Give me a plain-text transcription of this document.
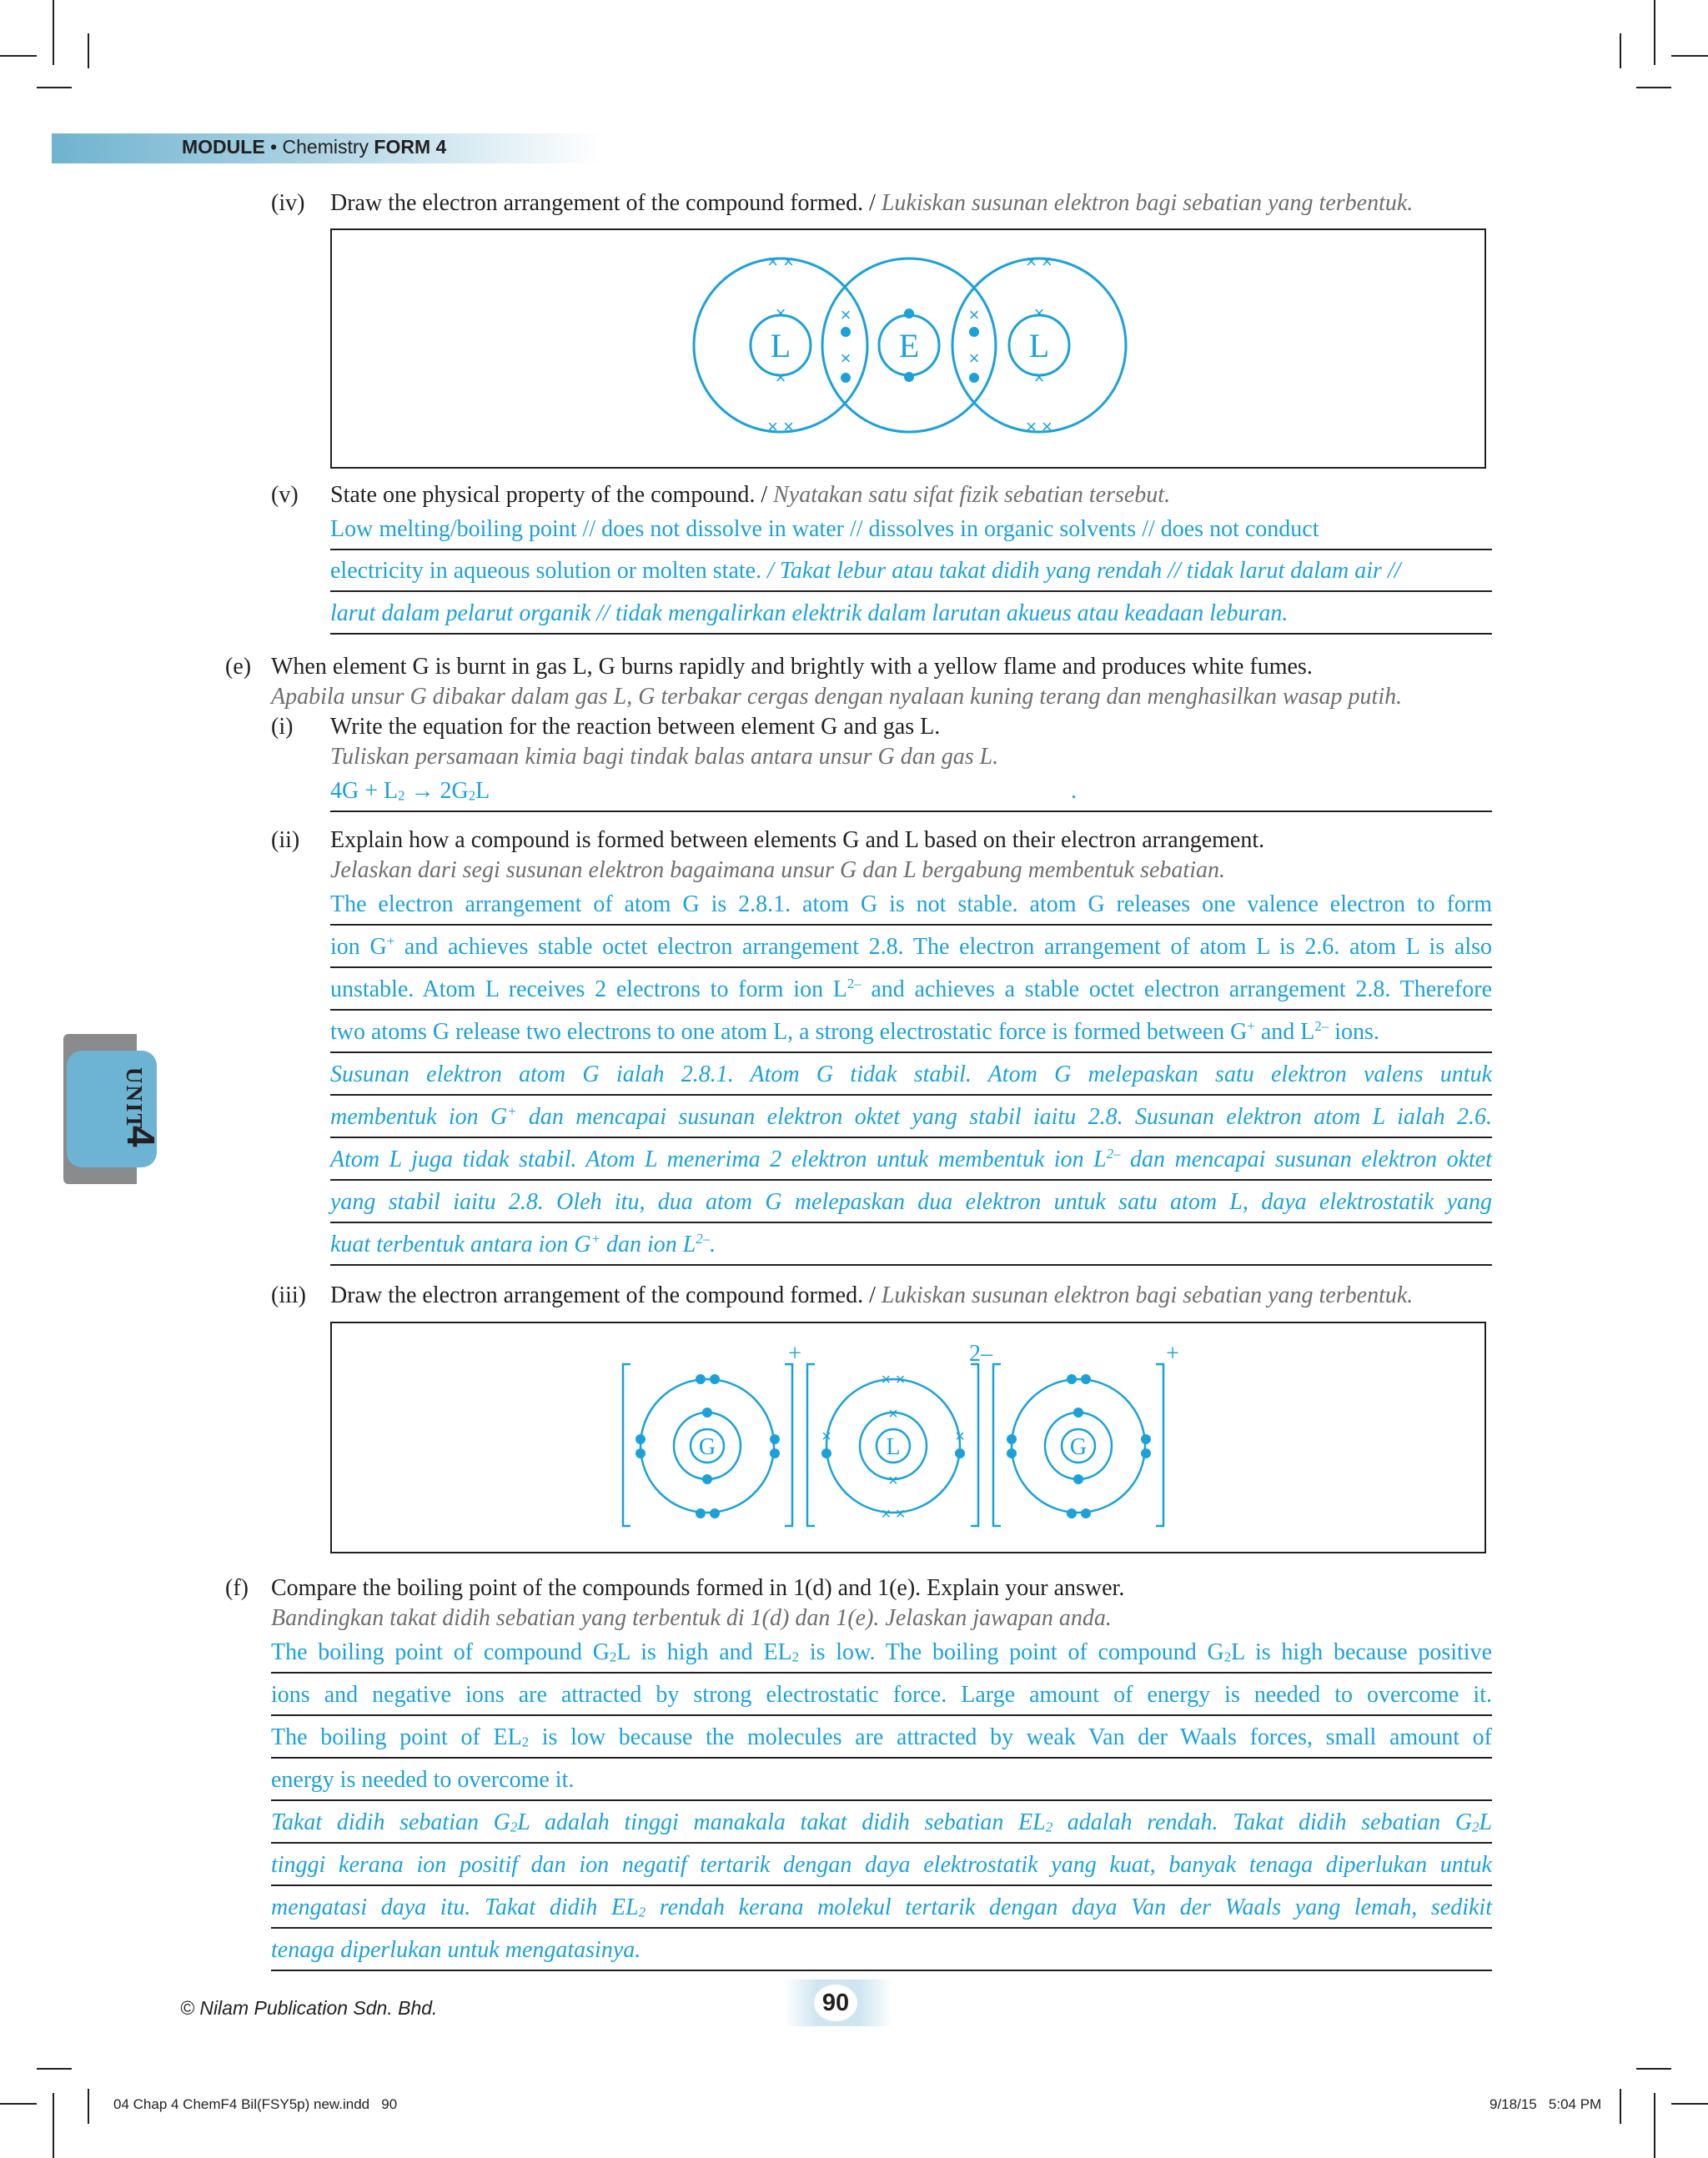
MODULE • Chemistry FORM 4
UNIT
4
(iv) Draw the electron arrangement of the compound formed. / Lukiskan susunan elektron bagi sebatian yang terbentuk.
L	E	L
× ×
× ×
×
×
×
×
× ×
× ×
×
×
×
×
(v) State one physical property of the compound. / Nyatakan satu sifat fizik sebatian tersebut.
Low melting/boiling point // does not dissolve in water // dissolves in organic solvents // does not conduct
electricity in aqueous solution or molten state. / Takat lebur atau takat didih yang rendah // tidak larut dalam air //
larut dalam pelarut organik // tidak mengalirkan elektrik dalam larutan akueus atau keadaan leburan.
(e) When element G is burnt in gas L, G burns rapidly and brightly with a yellow flame and produces white fumes.
Apabila unsur G dibakar dalam gas L, G terbakar cergas dengan nyalaan kuning terang dan menghasilkan wasap putih.
(i) Write the equation for the reaction between element G and gas L.
Tuliskan persamaan kimia bagi tindak balas antara unsur G dan gas L.
$4G + L_2 \to 2G_2L$	.
(ii) Explain how a compound is formed between elements G and L based on their electron arrangement.
Jelaskan dari segi susunan elektron bagaimana unsur G dan L bergabung membentuk sebatian.
The electron arrangement of atom G is 2.8.1. atom G is not stable. atom G releases one valence electron to form
ion G+ and achieves stable octet electron arrangement 2.8. The electron arrangement of atom L is 2.6. atom L is also
unstable. Atom L receives 2 electrons to form ion $L^{2-}$ and achieves a stable octet electron arrangement 2.8. Therefore
two atoms G release two electrons to one atom L, a strong electrostatic force is formed between G+ and $L^{2-}$ ions.
Susunan elektron atom G ialah 2.8.1. Atom G tidak stabil. Atom G melepaskan satu elektron valens untuk
membentuk ion G+ dan mencapai susunan elektron oktet yang stabil iaitu 2.8. Susunan elektron atom L ialah 2.6.
Atom L juga tidak stabil. Atom L menerima 2 elektron untuk membentuk ion $L^{2-}$ dan mencapai susunan elektron oktet
yang stabil iaitu 2.8. Oleh itu, dua atom G melepaskan dua elektron untuk satu atom L, daya elektrostatik yang
kuat terbentuk antara ion G+ dan ion $L^{2-}$.
(iii) Draw the electron arrangement of the compound formed. / Lukiskan susunan elektron bagi sebatian yang terbentuk.
G	L	G
+	2–	+
× ×
× ×
×
×
×	×
(f) Compare the boiling point of the compounds formed in 1(d) and 1(e). Explain your answer.
Bandingkan takat didih sebatian yang terbentuk di 1(d) dan 1(e). Jelaskan jawapan anda.
The boiling point of compound $G_2L$ is high and $EL_2$ is low. The boiling point of compound $G_2L$ is high because positive
ions and negative ions are attracted by strong electrostatic force. Large amount of energy is needed to overcome it.
The boiling point of $EL_2$ is low because the molecules are attracted by weak Van der Waals forces, small amount of
energy is needed to overcome it.
Takat didih sebatian $G_2L$ adalah tinggi manakala takat didih sebatian $EL_2$ adalah rendah. Takat didih sebatian $G_2L$
tinggi kerana ion positif dan ion negatif tertarik dengan daya elektrostatik yang kuat, banyak tenaga diperlukan untuk
mengatasi daya itu. Takat didih $EL_2$ rendah kerana molekul tertarik dengan daya Van der Waals yang lemah, sedikit
tenaga diperlukan untuk mengatasinya.
© Nilam Publication Sdn. Bhd.	90
04 Chap 4 ChemF4 Bil(FSY5p) new.indd   90	9/18/15   5:04 PM
